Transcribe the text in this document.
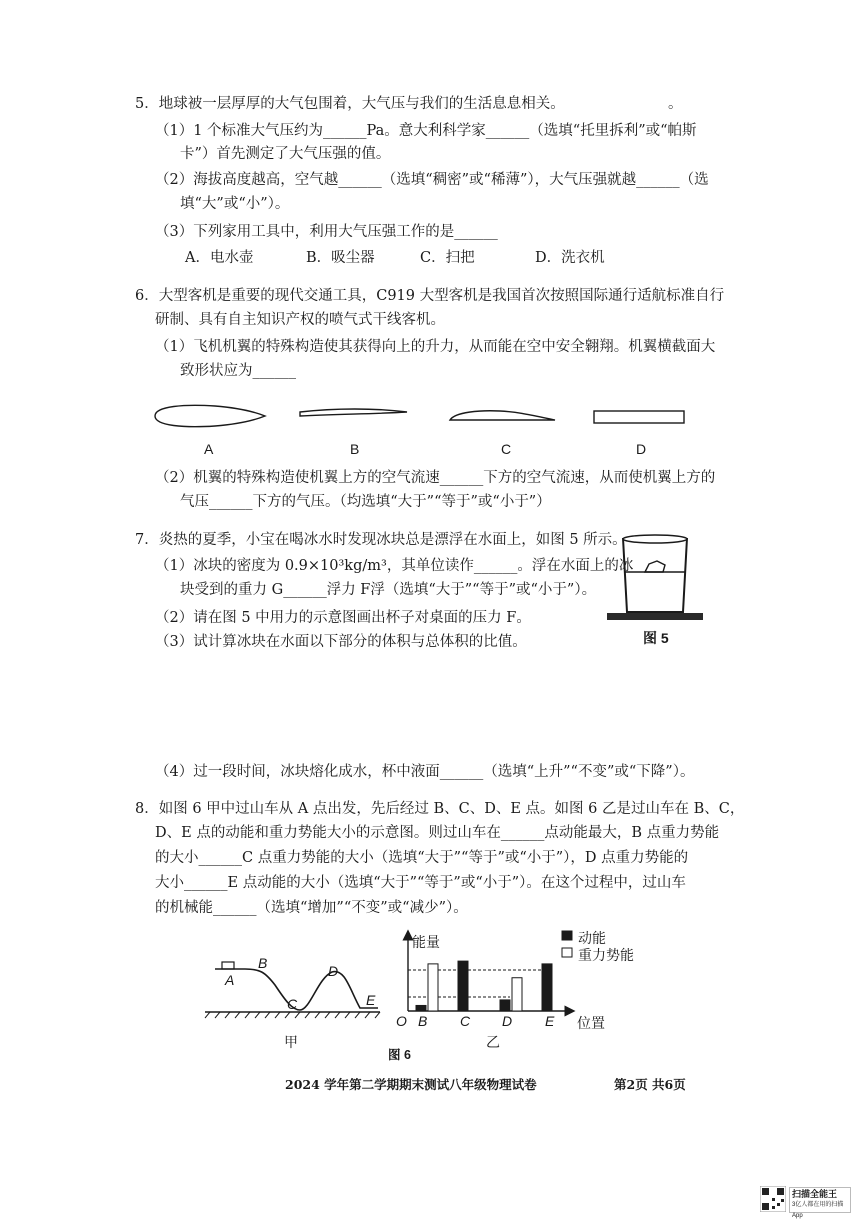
5．地球被一层厚厚的大气包围着，大气压与我们的生活息息相关。	。
（1）1 个标准大气压约为______Pa。意大利科学家______（选填“托里拆利”或“帕斯
卡”）首先测定了大气压强的值。
（2）海拔高度越高，空气越______（选填“稠密”或“稀薄”），大气压强就越______（选
填“大”或“小”）。
（3）下列家用工具中，利用大气压强工作的是______
A．电水壶	B．吸尘器	C．扫把	D．洗衣机
6．大型客机是重要的现代交通工具，C919 大型客机是我国首次按照国际通行适航标准自行
研制、具有自主知识产权的喷气式干线客机。
（1）飞机机翼的特殊构造使其获得向上的升力，从而能在空中安全翱翔。机翼横截面大
致形状应为______
A	B	C	D
（2）机翼的特殊构造使机翼上方的空气流速______下方的空气流速，从而使机翼上方的
气压______下方的气压。（均选填“大于”“等于”或“小于”）
7．炎热的夏季，小宝在喝冰水时发现冰块总是漂浮在水面上，如图 5 所示。
（1）冰块的密度为 0.9×10³kg/m³，其单位读作______。浮在水面上的冰
块受到的重力 G______浮力 F浮（选填“大于”“等于”或“小于”）。
（2）请在图 5 中用力的示意图画出杯子对桌面的压力 F。
（3）试计算冰块在水面以下部分的体积与总体积的比值。	图 5
（4）过一段时间，冰块熔化成水，杯中液面______（选填“上升”“不变”或“下降”）。
8．如图 6 甲中过山车从 A 点出发，先后经过 B、C、D、E 点。如图 6 乙是过山车在 B、C，
D、E 点的动能和重力势能大小的示意图。则过山车在______点动能最大，B 点重力势能
的大小______C 点重力势能的大小（选填“大于”“等于”或“小于”），D 点重力势能的
大小______E 点动能的大小（选填“大于”“等于”或“小于”）。在这个过程中，过山车
的机械能______（选填“增加”“不变”或“减少”）。
A
B
C
D
E
甲
能量	动能
重力势能
O B C D E 位置
乙
图 6
2024 学年第二学期期末测试八年级物理试卷	第2页 共6页
扫描全能王
3亿人都在用的扫描App
